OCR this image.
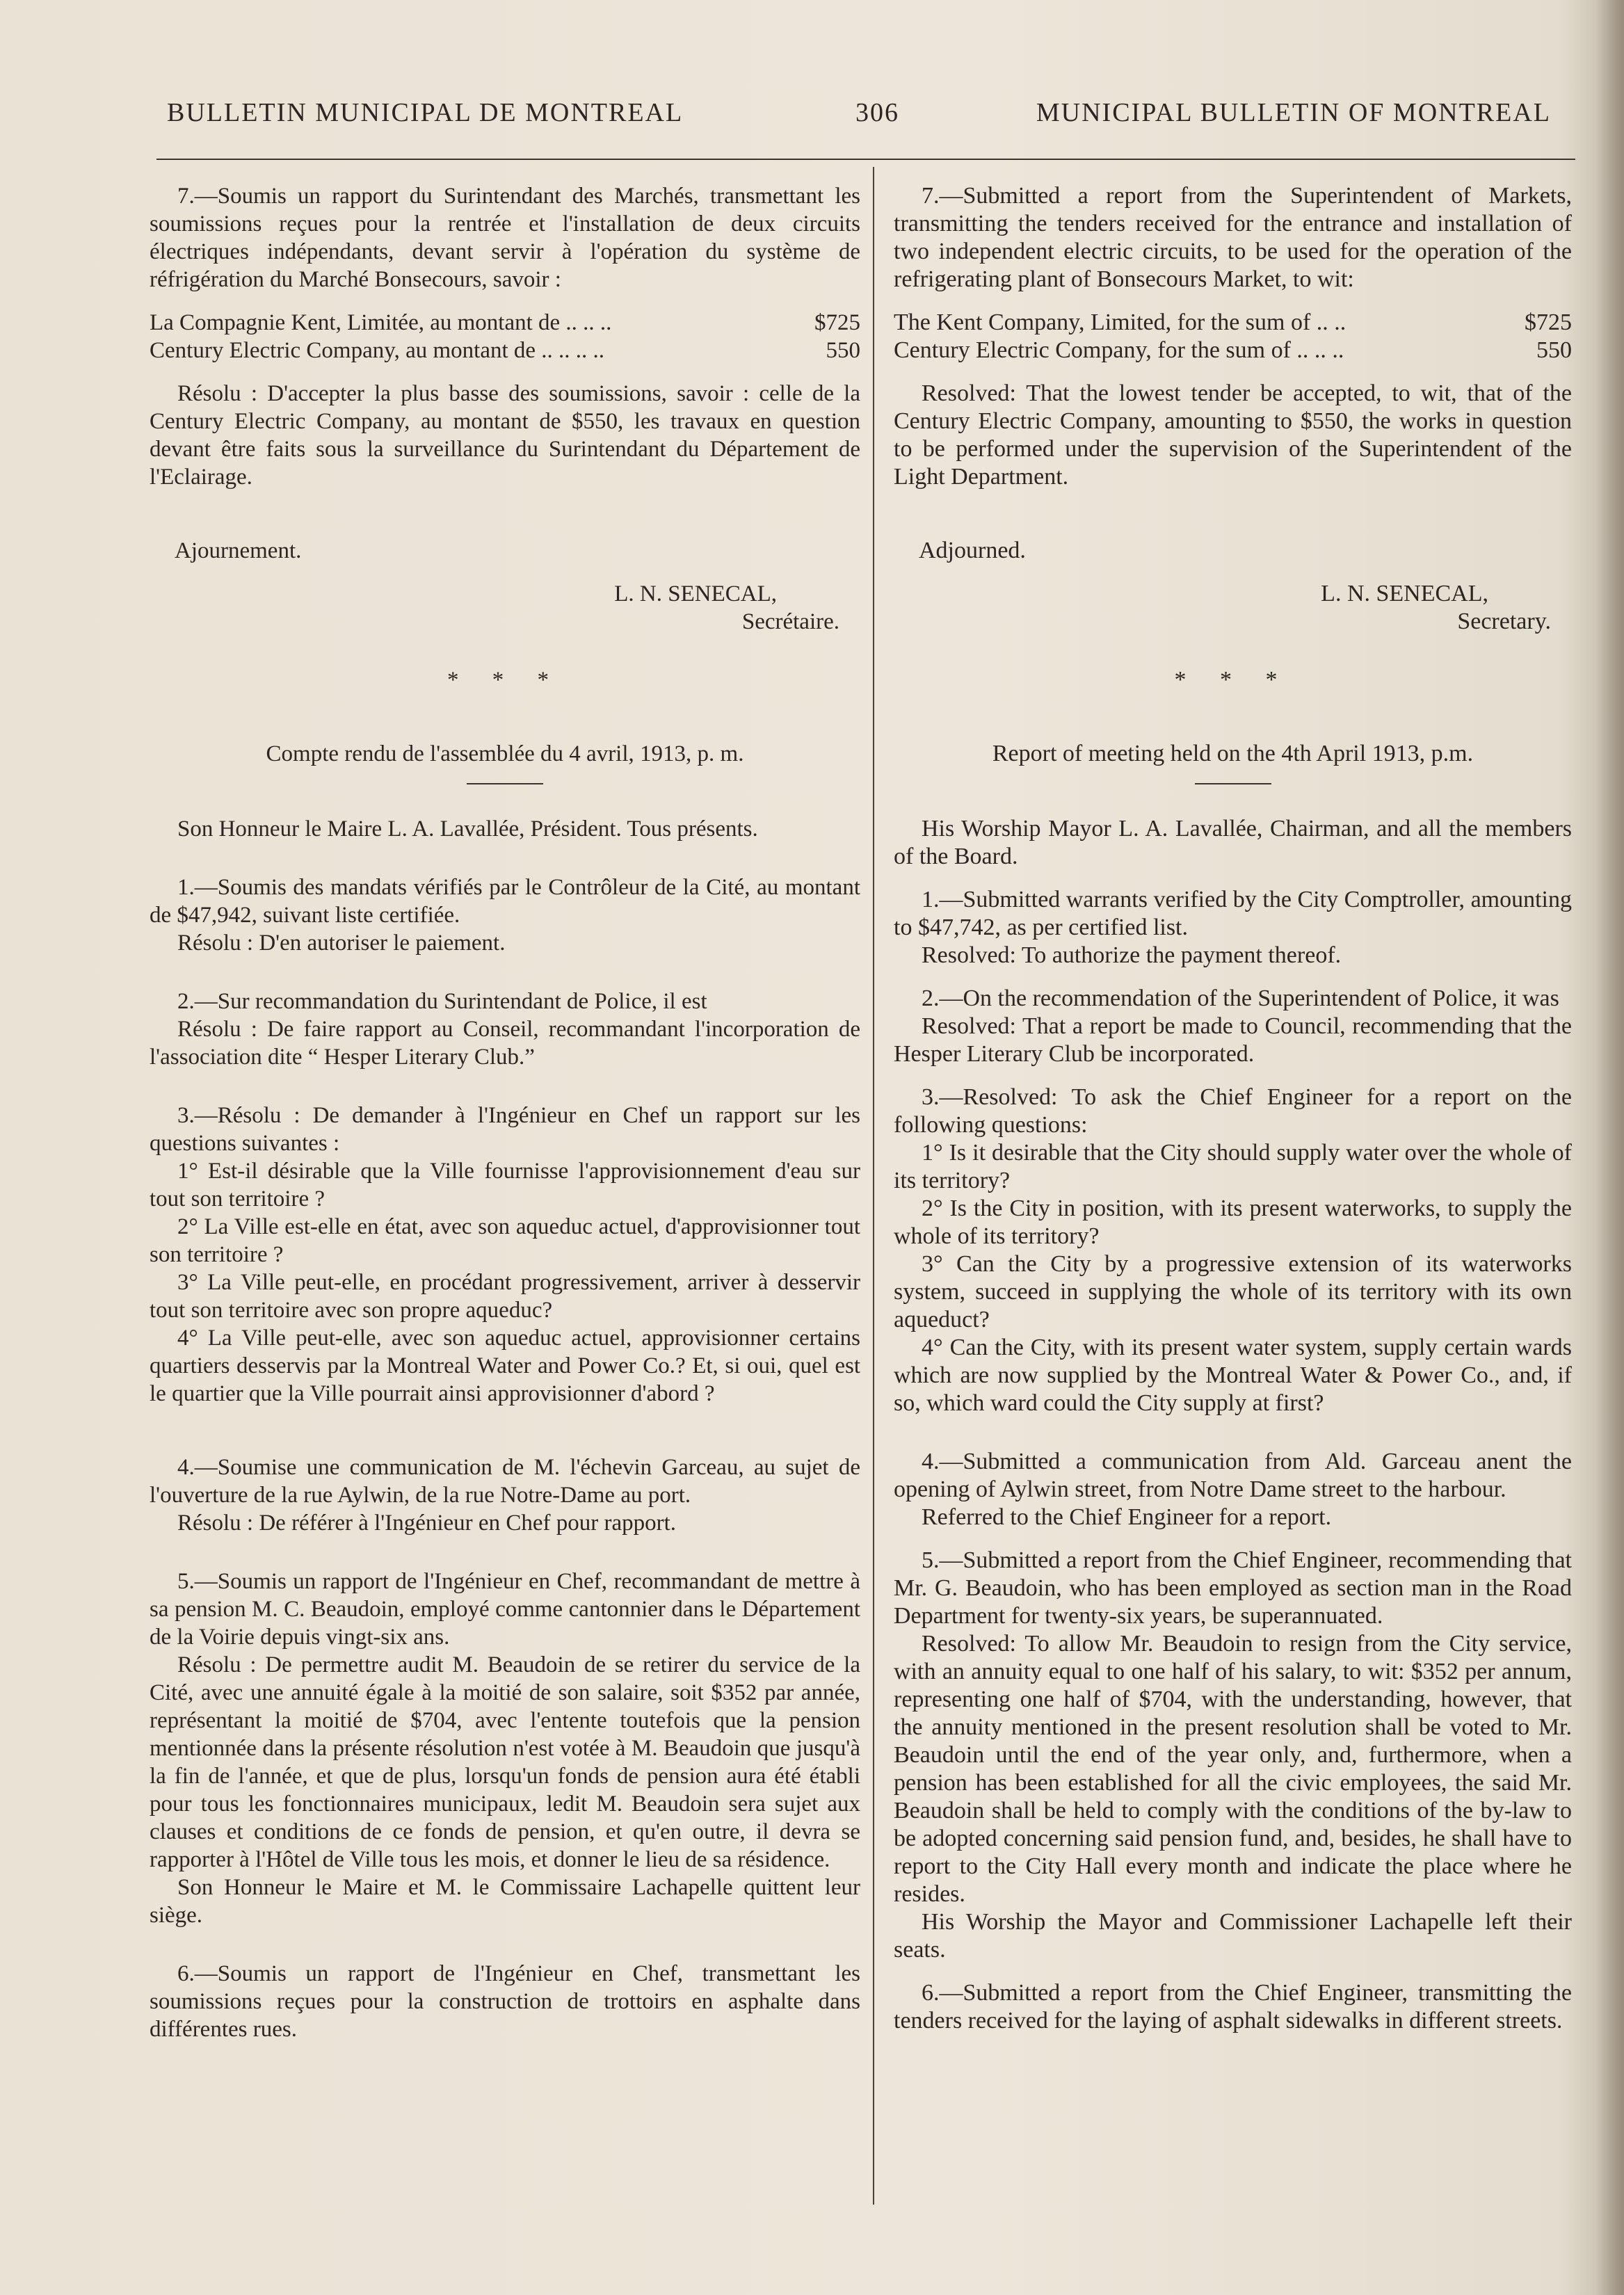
BULLETIN MUNICIPAL DE MONTREAL	306	MUNICIPAL BULLETIN OF MONTREAL

7.—Soumis un rapport du Surintendant des Marchés, transmettant les soumissions reçues pour la rentrée et l'installation de deux circuits électriques indépendants, devant servir à l'opération du système de réfrigération du Marché Bonsecours, savoir :

La Compagnie Kent, Limitée, au montant de .. .. ..	$725

Century Electric Company, au montant de .. .. .. ..	550

Résolu : D'accepter la plus basse des soumissions, savoir : celle de la Century Electric Company, au montant de $550, les travaux en question devant être faits sous la surveillance du Surintendant du Département de l'Eclairage.

Ajournement.

L. N. SENECAL,

Secrétaire.

* * *

Compte rendu de l'assemblée du 4 avril, 1913, p. m.

Son Honneur le Maire L. A. Lavallée, Président. Tous présents.

1.—Soumis des mandats vérifiés par le Contrôleur de la Cité, au montant de $47,942, suivant liste certifiée.

Résolu : D'en autoriser le paiement.

2.—Sur recommandation du Surintendant de Police, il est

Résolu : De faire rapport au Conseil, recommandant l'incorporation de l'association dite “ Hesper Literary Club.”

3.—Résolu : De demander à l'Ingénieur en Chef un rapport sur les questions suivantes :

1° Est-il désirable que la Ville fournisse l'approvisionnement d'eau sur tout son territoire ?

2° La Ville est-elle en état, avec son aqueduc actuel, d'approvisionner tout son territoire ?

3° La Ville peut-elle, en procédant progressivement, arriver à desservir tout son territoire avec son propre aqueduc?

4° La Ville peut-elle, avec son aqueduc actuel, approvisionner certains quartiers desservis par la Montreal Water and Power Co.? Et, si oui, quel est le quartier que la Ville pourrait ainsi approvisionner d'abord ?

4.—Soumise une communication de M. l'échevin Garceau, au sujet de l'ouverture de la rue Aylwin, de la rue Notre-Dame au port.

Résolu : De référer à l'Ingénieur en Chef pour rapport.

5.—Soumis un rapport de l'Ingénieur en Chef, recommandant de mettre à sa pension M. C. Beaudoin, employé comme cantonnier dans le Département de la Voirie depuis vingt-six ans.

Résolu : De permettre audit M. Beaudoin de se retirer du service de la Cité, avec une annuité égale à la moitié de son salaire, soit $352 par année, représentant la moitié de $704, avec l'entente toutefois que la pension mentionnée dans la présente résolution n'est votée à M. Beaudoin que jusqu'à la fin de l'année, et que de plus, lorsqu'un fonds de pension aura été établi pour tous les fonctionnaires municipaux, ledit M. Beaudoin sera sujet aux clauses et conditions de ce fonds de pension, et qu'en outre, il devra se rapporter à l'Hôtel de Ville tous les mois, et donner le lieu de sa résidence.

Son Honneur le Maire et M. le Commissaire Lachapelle quittent leur siège.

6.—Soumis un rapport de l'Ingénieur en Chef, transmettant les soumissions reçues pour la construction de trottoirs en asphalte dans différentes rues.

7.—Submitted a report from the Superintendent of Markets, transmitting the tenders received for the entrance and installation of two independent electric circuits, to be used for the operation of the refrigerating plant of Bonsecours Market, to wit:

The Kent Company, Limited, for the sum of .. ..	$725

Century Electric Company, for the sum of .. .. ..	550

Resolved: That the lowest tender be accepted, to wit, that of the Century Electric Company, amounting to $550, the works in question to be performed under the supervision of the Superintendent of the Light Department.

Adjourned.

L. N. SENECAL,

Secretary.

* * *

Report of meeting held on the 4th April 1913, p.m.

His Worship Mayor L. A. Lavallée, Chairman, and all the members of the Board.

1.—Submitted warrants verified by the City Comptroller, amounting to $47,742, as per certified list.

Resolved: To authorize the payment thereof.

2.—On the recommendation of the Superintendent of Police, it was

Resolved: That a report be made to Council, recommending that the Hesper Literary Club be incorporated.

3.—Resolved: To ask the Chief Engineer for a report on the following questions:

1° Is it desirable that the City should supply water over the whole of its territory?

2° Is the City in position, with its present waterworks, to supply the whole of its territory?

3° Can the City by a progressive extension of its waterworks system, succeed in supplying the whole of its territory with its own aqueduct?

4° Can the City, with its present water system, supply certain wards which are now supplied by the Montreal Water & Power Co., and, if so, which ward could the City supply at first?

4.—Submitted a communication from Ald. Garceau anent the opening of Aylwin street, from Notre Dame street to the harbour.

Referred to the Chief Engineer for a report.

5.—Submitted a report from the Chief Engineer, recommending that Mr. G. Beaudoin, who has been employed as section man in the Road Department for twenty-six years, be superannuated.

Resolved: To allow Mr. Beaudoin to resign from the City service, with an annuity equal to one half of his salary, to wit: $352 per annum, representing one half of $704, with the understanding, however, that the annuity mentioned in the present resolution shall be voted to Mr. Beaudoin until the end of the year only, and, furthermore, when a pension has been established for all the civic employees, the said Mr. Beaudoin shall be held to comply with the conditions of the by-law to be adopted concerning said pension fund, and, besides, he shall have to report to the City Hall every month and indicate the place where he resides.

His Worship the Mayor and Commissioner Lachapelle left their seats.

6.—Submitted a report from the Chief Engineer, transmitting the tenders received for the laying of asphalt sidewalks in different streets.
